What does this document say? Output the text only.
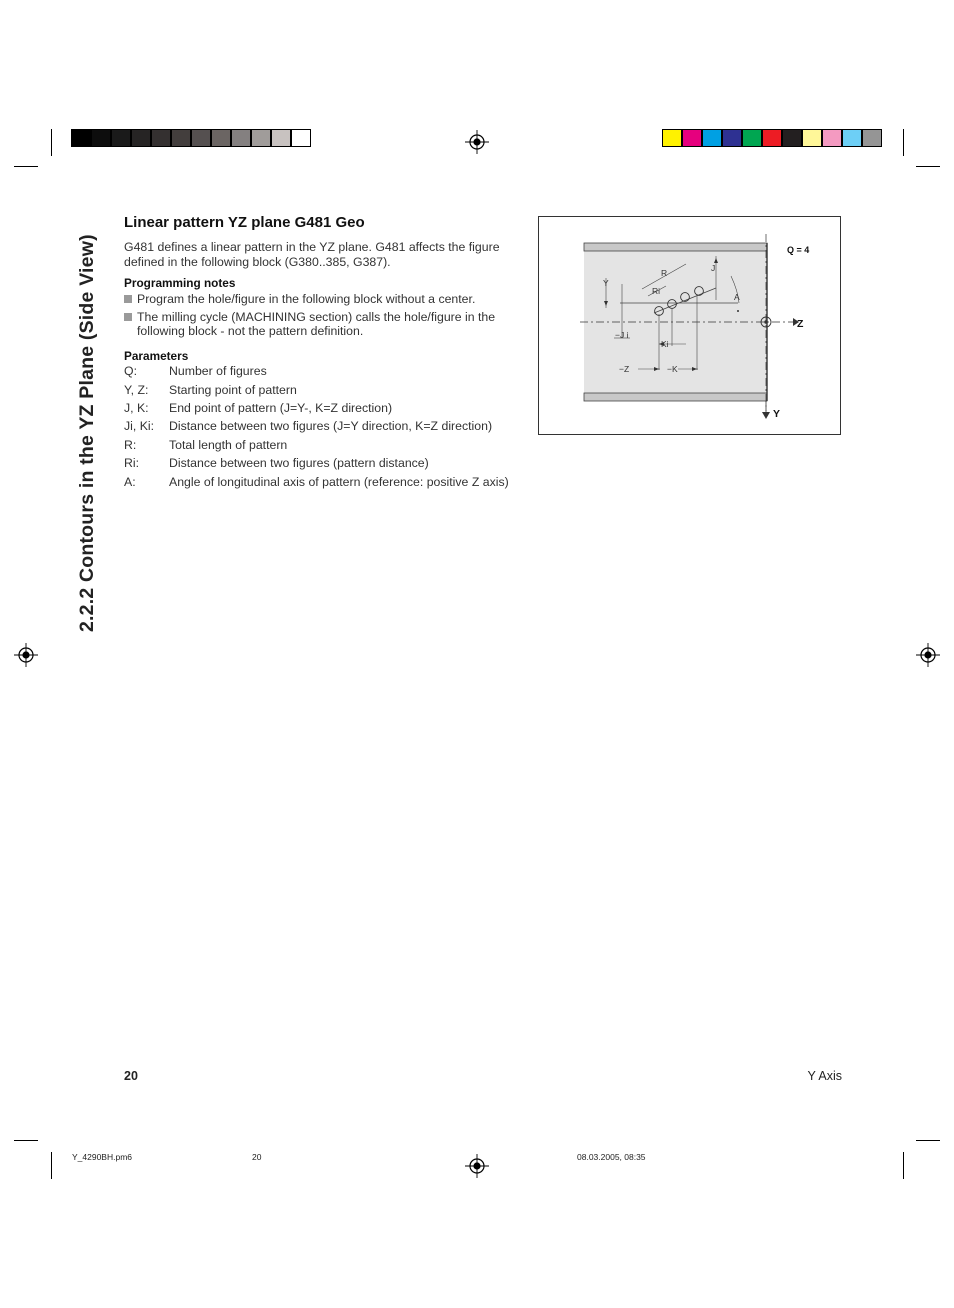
2.2.2 Contours in the YZ Plane (Side View)
Linear pattern YZ plane G481 Geo
G481 defines a linear pattern in the YZ plane. G481 affects the figure defined in the following block (G380..385, G387).
Programming notes
Program the hole/figure in the following block without a center.
The milling cycle (MACHINING section) calls the hole/figure in the following block - not the pattern definition.
Parameters
Q:	Number of figures
Y, Z: Starting point of pattern
J, K: End point of pattern (J=Y-, K=Z direction)
Ji, Ki: Distance between two figures (J=Y direction, K=Z direction)
R:	Total length of pattern
Ri: Distance between two figures (pattern distance)
A:	Angle of longitudinal axis of pattern (reference: positive Z axis)
Z
Y
Q = 4
R
Ri
J
Y
A
−J i
Ki
−Z	−K
20	Y Axis
Y_4290BH.pm6	20	08.03.2005, 08:35
